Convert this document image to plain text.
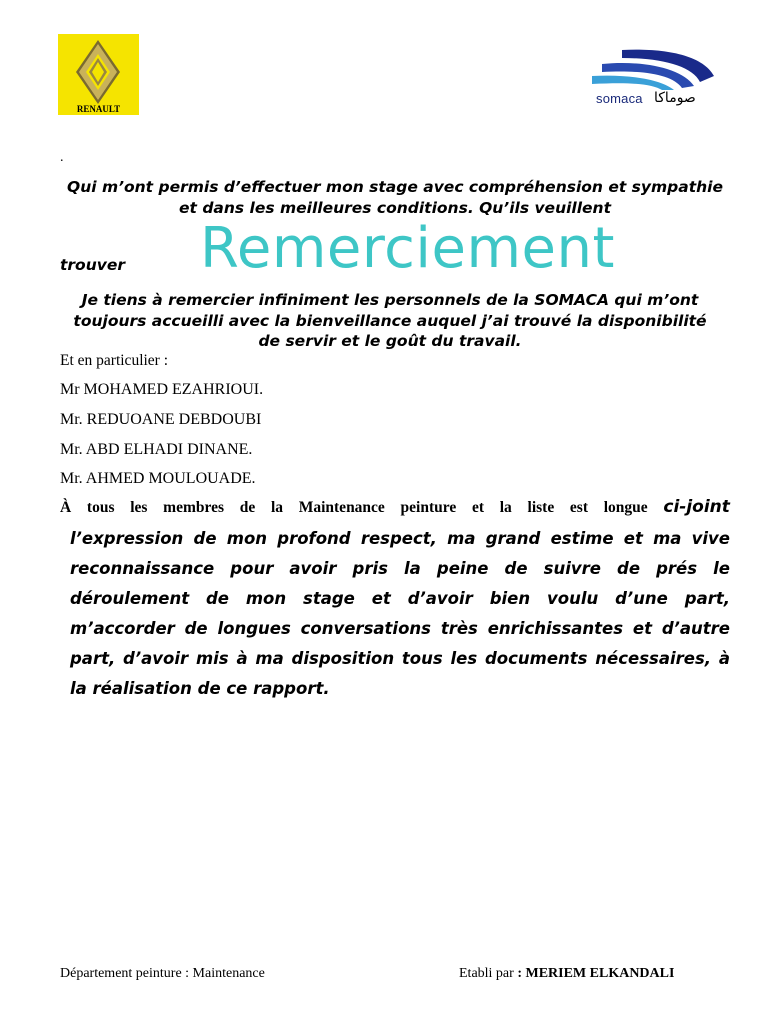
RENAULT
somaca صوماكا
.
Qui m’ont permis d’effectuer mon stage avec compréhension et sympathie et dans les meilleures conditions. Qu’ils veuillent
trouver Remerciement
Je tiens à remercier infiniment les personnels de la SOMACA qui m’ont toujours accueilli avec la bienveillance auquel j’ai trouvé la disponibilité de servir et le goût du travail.
Et en particulier :
Mr MOHAMED EZAHRIOUI.
Mr. REDUOANE DEBDOUBI
Mr. ABD ELHADI DINANE.
Mr. AHMED MOULOUADE.
À tous les membres de la Maintenance peinture et la liste est longue ci-joint
l’expression de mon profond respect, ma grand estime et ma vive reconnaissance pour avoir pris la peine de suivre de prés le déroulement de mon stage et d’avoir bien voulu d’une part, m’accorder de longues conversations très enrichissantes et d’autre part, d’avoir mis à ma disposition tous les documents nécessaires, à la réalisation de ce rapport.
Département peinture : Maintenance	Etabli par : MERIEM ELKANDALI
